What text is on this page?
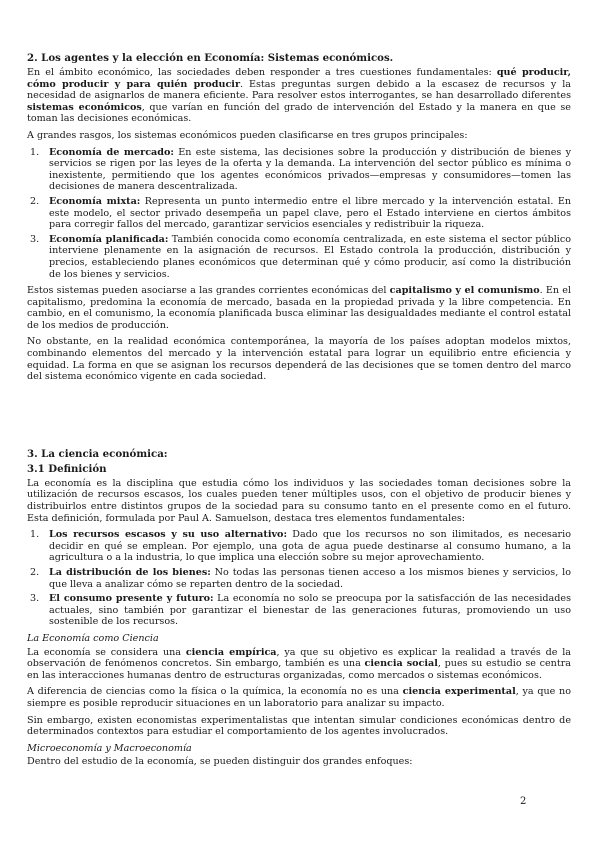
2. Los agentes y la elección en Economía: Sistemas económicos.

En el ámbito económico, las sociedades deben responder a tres cuestiones fundamentales: qué producir, cómo producir y para quién producir. Estas preguntas surgen debido a la escasez de recursos y la necesidad de asignarlos de manera eficiente. Para resolver estos interrogantes, se han desarrollado diferentes sistemas económicos, que varían en función del grado de intervención del Estado y la manera en que se toman las decisiones económicas.

A grandes rasgos, los sistemas económicos pueden clasificarse en tres grupos principales:

1. Economía de mercado: En este sistema, las decisiones sobre la producción y distribución de bienes y servicios se rigen por las leyes de la oferta y la demanda. La intervención del sector público es mínima o inexistente, permitiendo que los agentes económicos privados—empresas y consumidores—tomen las decisiones de manera descentralizada.
2. Economía mixta: Representa un punto intermedio entre el libre mercado y la intervención estatal. En este modelo, el sector privado desempeña un papel clave, pero el Estado interviene en ciertos ámbitos para corregir fallos del mercado, garantizar servicios esenciales y redistribuir la riqueza.
3. Economía planificada: También conocida como economía centralizada, en este sistema el sector público interviene plenamente en la asignación de recursos. El Estado controla la producción, distribución y precios, estableciendo planes económicos que determinan qué y cómo producir, así como la distribución de los bienes y servicios.

Estos sistemas pueden asociarse a las grandes corrientes económicas del capitalismo y el comunismo. En el capitalismo, predomina la economía de mercado, basada en la propiedad privada y la libre competencia. En cambio, en el comunismo, la economía planificada busca eliminar las desigualdades mediante el control estatal de los medios de producción.

No obstante, en la realidad económica contemporánea, la mayoría de los países adoptan modelos mixtos, combinando elementos del mercado y la intervención estatal para lograr un equilibrio entre eficiencia y equidad. La forma en que se asignan los recursos dependerá de las decisiones que se tomen dentro del marco del sistema económico vigente en cada sociedad.

3. La ciencia económica:
3.1 Definición

La economía es la disciplina que estudia cómo los individuos y las sociedades toman decisiones sobre la utilización de recursos escasos, los cuales pueden tener múltiples usos, con el objetivo de producir bienes y distribuirlos entre distintos grupos de la sociedad para su consumo tanto en el presente como en el futuro. Esta definición, formulada por Paul A. Samuelson, destaca tres elementos fundamentales:

1. Los recursos escasos y su uso alternativo: Dado que los recursos no son ilimitados, es necesario decidir en qué se emplean. Por ejemplo, una gota de agua puede destinarse al consumo humano, a la agricultura o a la industria, lo que implica una elección sobre su mejor aprovechamiento.
2. La distribución de los bienes: No todas las personas tienen acceso a los mismos bienes y servicios, lo que lleva a analizar cómo se reparten dentro de la sociedad.
3. El consumo presente y futuro: La economía no solo se preocupa por la satisfacción de las necesidades actuales, sino también por garantizar el bienestar de las generaciones futuras, promoviendo un uso sostenible de los recursos.
La Economía como Ciencia

La economía se considera una ciencia empírica, ya que su objetivo es explicar la realidad a través de la observación de fenómenos concretos. Sin embargo, también es una ciencia social, pues su estudio se centra en las interacciones humanas dentro de estructuras organizadas, como mercados o sistemas económicos.

A diferencia de ciencias como la física o la química, la economía no es una ciencia experimental, ya que no siempre es posible reproducir situaciones en un laboratorio para analizar su impacto.

Sin embargo, existen economistas experimentalistas que intentan simular condiciones económicas dentro de determinados contextos para estudiar el comportamiento de los agentes involucrados.

Microeconomía y Macroeconomía

Dentro del estudio de la economía, se pueden distinguir dos grandes enfoques:

2
